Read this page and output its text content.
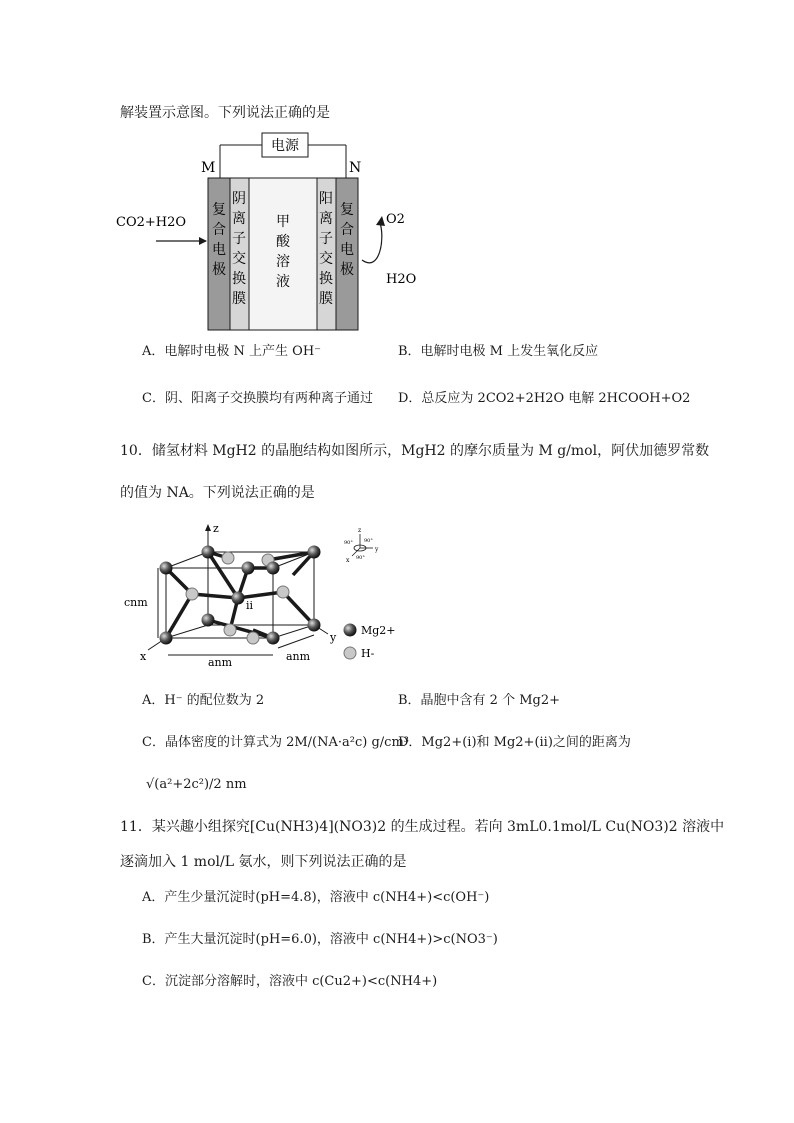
解装置示意图。下列说法正确的是
电源
M	N
复
合
电
极
阴
离
子
交
换
膜
甲
酸
溶
液
阳
离
子
交
换
膜
复
合
电
极
CO2+H2O	O2
H2O
A．电解时电极 N 上产生 OH⁻	B．电解时电极 M 上发生氧化反应
C．阴、阳离子交换膜均有两种离子通过 D．总反应为 2CO2+2H2O 电解 2HCOOH+O2
10．储氢材料 MgH2 的晶胞结构如图所示，MgH2 的摩尔质量为 M g/mol，阿伏加德罗常数
的值为 NA。下列说法正确的是
z
ii
cnm
x
y
anm	anm
Mg2+
H-
z
x
y
90° 90°
90°
A．H⁻ 的配位数为 2	B．晶胞中含有 2 个 Mg2+
C．晶体密度的计算式为 2M/(NA·a²c) g/cm³
D．Mg2+(i)和 Mg2+(ii)之间的距离为
√(a²+2c²)/2 nm
11．某兴趣小组探究[Cu(NH3)4](NO3)2 的生成过程。若向 3mL0.1mol/L Cu(NO3)2 溶液中
逐滴加入 1 mol/L 氨水，则下列说法正确的是
A．产生少量沉淀时(pH=4.8)，溶液中 c(NH4+)<c(OH⁻)
B．产生大量沉淀时(pH=6.0)，溶液中 c(NH4+)>c(NO3⁻)
C．沉淀部分溶解时，溶液中 c(Cu2+)<c(NH4+)
